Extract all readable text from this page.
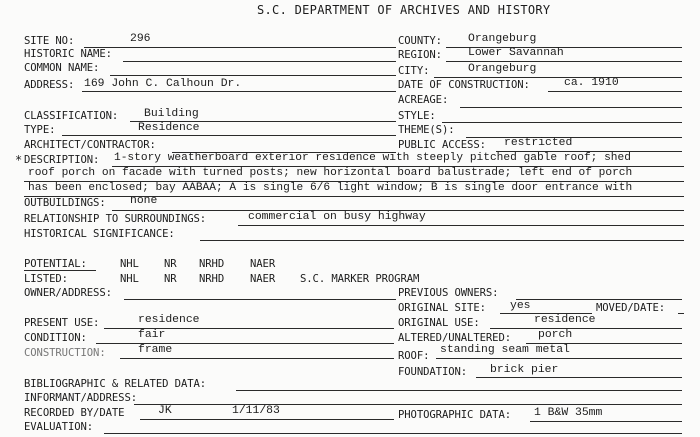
S.C. DEPARTMENT OF ARCHIVES AND HISTORY
SITE NO:	296
HISTORIC NAME:
COMMON NAME:
ADDRESS: 169 John C. Calhoun Dr.
CLASSIFICATION: Building
TYPE:	Residence
ARCHITECT/CONTRACTOR:
COUNTY: Orangeburg
REGION: Lower Savannah
CITY:	Orangeburg
DATE OF CONSTRUCTION:	ca. 1910
ACREAGE:
STYLE:
THEME(S):
PUBLIC ACCESS: restricted
* DESCRIPTION: 1-story weatherboard exterior residence with steeply pitched gable roof; shed
roof porch on facade with turned posts; new horizontal board balustrade; left end of porch
has been enclosed; bay AABAA; A is single 6/6 light window; B is single door entrance with
OUTBUILDINGS: none
RELATIONSHIP TO SURROUNDINGS:	commercial on busy highway
HISTORICAL SIGNIFICANCE:
POTENTIAL:	NHL NR NRHD NAER
LISTED:	NHL NR NRHD NAER S.C. MARKER PROGRAM
OWNER/ADDRESS:	PREVIOUS OWNERS:
ORIGINAL SITE: yes	MOVED/DATE:
PRESENT USE:	residence	ORIGINAL USE:	residence
CONDITION:	fair	ALTERED/UNALTERED: porch
CONSTRUCTION:	frame	ROOF: standing seam metal
FOUNDATION: brick pier
BIBLIOGRAPHIC & RELATED DATA:
INFORMANT/ADDRESS:
RECORDED BY/DATE	JK	1/11/83	PHOTOGRAPHIC DATA: 1 B&W 35mm
EVALUATION:
